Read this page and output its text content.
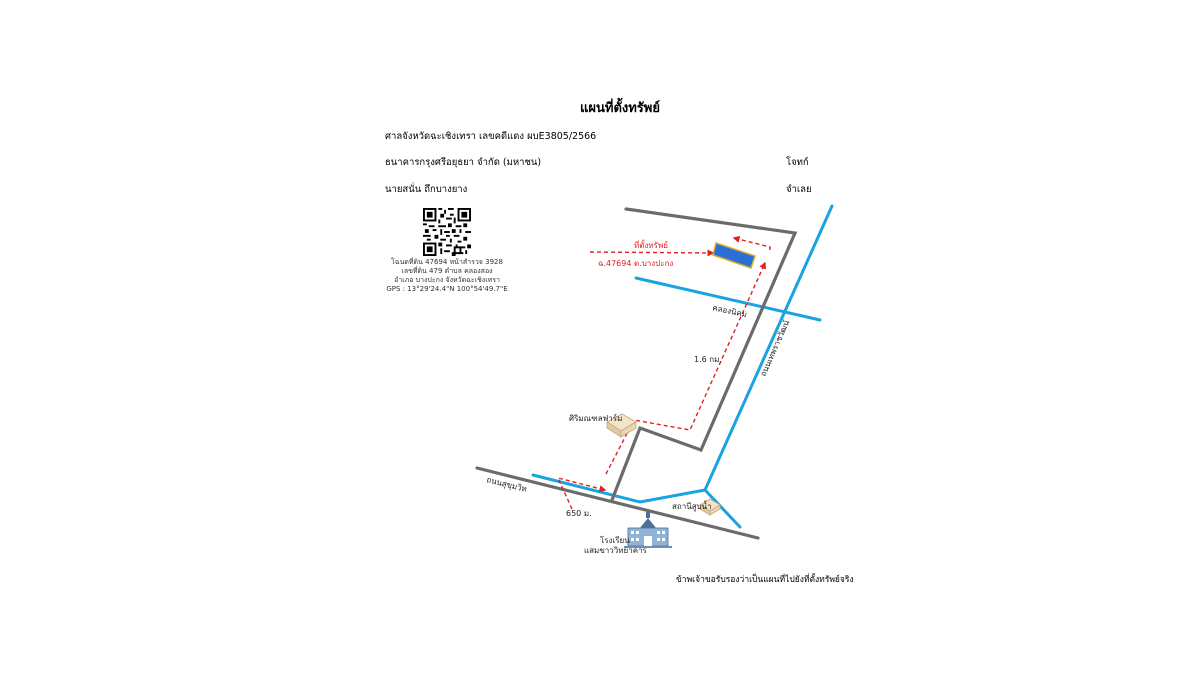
แผนที่ตั้งทรัพย์
ศาลจังหวัดฉะเชิงเทรา เลขคดีแดง ผบE3805/2566
ธนาคารกรุงศรีอยุธยา จำกัด (มหาชน)	โจทก์
นายสนั่น ถึกบางยาง	จำเลย
โฉนดที่ดิน 47694 หน้าสำรวจ 3928
เลขที่ดิน 479 ตำบล คลองสอง
อำเภอ บางปะกง จังหวัดฉะเชิงเทรา
GPS : 13°29'24.4"N 100°54'49.7"E
ที่ตั้งทรัพย์
ฉ.47694 ต.บางปะกง
คลองนิคม
ถนนเทพราชวัฒน์
1.6 กม.
ศิริมณฑลฟาร์ม
ถนนสุขุมวิท
650 ม.
สถานีสูบน้ำ
โรงเรียน
แสมขาววิทยาคาร
ข้าพเจ้าขอรับรองว่าเป็นแผนที่ไปยังที่ตั้งทรัพย์จริง
